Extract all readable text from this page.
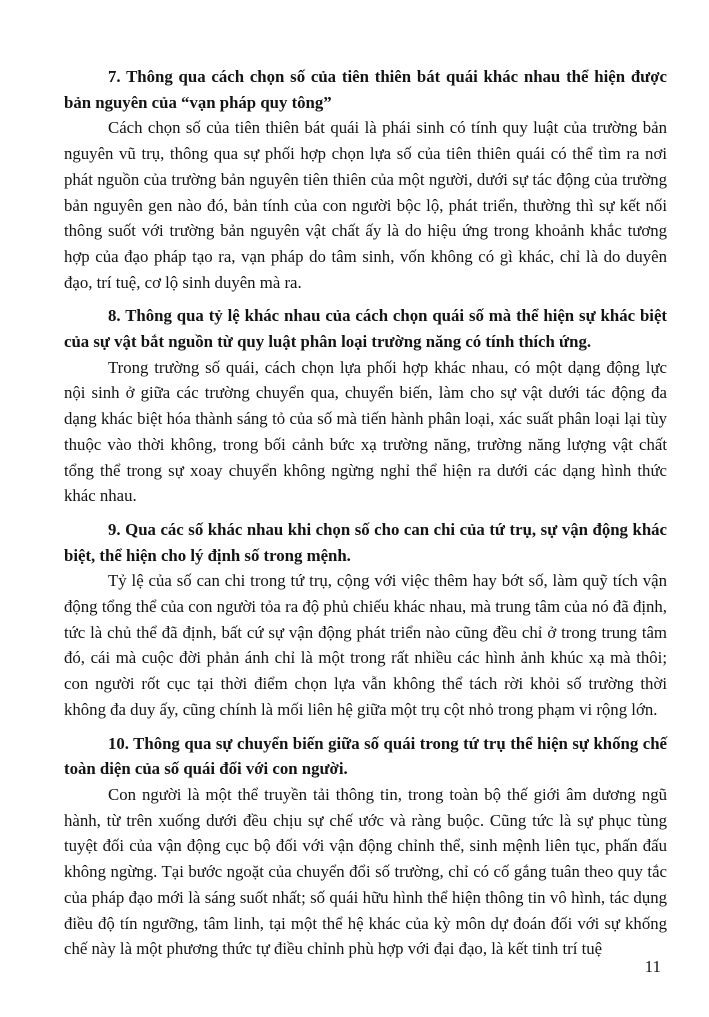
7. Thông qua cách chọn số của tiên thiên bát quái khác nhau thể hiện được bản nguyên của “vạn pháp quy tông”

Cách chọn số của tiên thiên bát quái là phái sinh có tính quy luật của trường bản nguyên vũ trụ, thông qua sự phối hợp chọn lựa số của tiên thiên quái có thể tìm ra nơi phát nguồn của trường bản nguyên tiên thiên của một người, dưới sự tác động của trường bản nguyên gen nào đó, bản tính của con người bộc lộ, phát triển, thường thì sự kết nối thông suốt với trường bản nguyên vật chất ấy là do hiệu ứng trong khoảnh khắc tương hợp của đạo pháp tạo ra, vạn pháp do tâm sinh, vốn không có gì khác, chỉ là do duyên đạo, trí tuệ, cơ lộ sinh duyên mà ra.

8. Thông qua tỷ lệ khác nhau của cách chọn quái số mà thể hiện sự khác biệt của sự vật bắt nguồn từ quy luật phân loại trường năng có tính thích ứng.

Trong trường số quái, cách chọn lựa phối hợp khác nhau, có một dạng động lực nội sinh ở giữa các trường chuyển qua, chuyển biến, làm cho sự vật dưới tác động đa dạng khác biệt hóa thành sáng tỏ của số mà tiến hành phân loại, xác suất phân loại lại tùy thuộc vào thời không, trong bối cảnh bức xạ trường năng, trường năng lượng vật chất tổng thể trong sự xoay chuyển không ngừng nghỉ thể hiện ra dưới các dạng hình thức khác nhau.

9. Qua các số khác nhau khi chọn số cho can chi của tứ trụ, sự vận động khác biệt, thể hiện cho lý định số trong mệnh.

Tỷ lệ của số can chi trong tứ trụ, cộng với việc thêm hay bớt số, làm quỹ tích vận động tổng thể của con người tỏa ra độ phủ chiếu khác nhau, mà trung tâm của nó đã định, tức là chủ thể đã định, bất cứ sự vận động phát triển nào cũng đều chỉ ở trong trung tâm đó, cái mà cuộc đời phản ánh chỉ là một trong rất nhiều các hình ảnh khúc xạ mà thôi; con người rốt cục tại thời điểm chọn lựa vẫn không thể tách rời khỏi số trường thời không đa duy ấy, cũng chính là mối liên hệ giữa một trụ cột nhỏ trong phạm vi rộng lớn.

10. Thông qua sự chuyển biến giữa số quái trong tứ trụ thể hiện sự khống chế toàn diện của số quái đối với con người.

Con người là một thể truyền tải thông tin, trong toàn bộ thế giới âm dương ngũ hành, từ trên xuống dưới đều chịu sự chế ước và ràng buộc. Cũng tức là sự phục tùng tuyệt đối của vận động cục bộ đối với vận động chỉnh thể, sinh mệnh liên tục, phấn đấu không ngừng. Tại bước ngoặt của chuyển đổi số trường, chỉ có cố gắng tuân theo quy tắc của pháp đạo mới là sáng suốt nhất; số quái hữu hình thể hiện thông tin vô hình, tác dụng điều độ tín ngưỡng, tâm linh, tại một thể hệ khác của kỳ môn dự đoán đối với sự khống chế này là một phương thức tự điều chỉnh phù hợp với đại đạo, là kết tinh trí tuệ

11
